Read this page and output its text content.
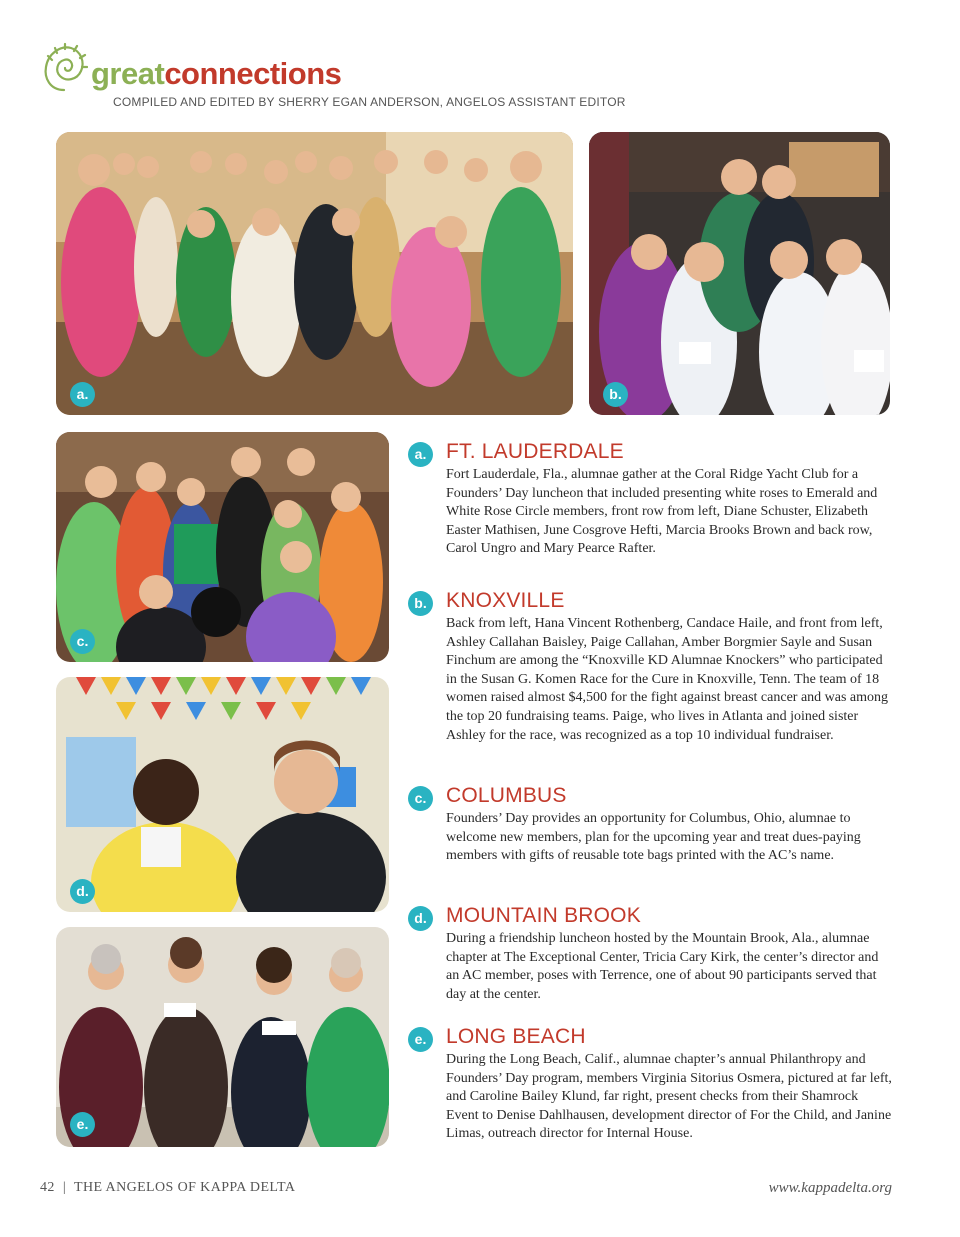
greatconnections
COMPILED AND EDITED BY SHERRY EGAN ANDERSON, ANGELOS ASSISTANT EDITOR
a.	b.
c.
d.
e.
a. FT. LAUDERDALE

Fort Lauderdale, Fla., alumnae gather at the Coral Ridge Yacht Club for a Founders’ Day luncheon that included presenting white roses to Emerald and White Rose Circle members, front row from left, Diane Schuster, Elizabeth Easter Mathisen, June Cosgrove Hefti, Marcia Brooks Brown and back row, Carol Ungro and Mary Pearce Rafter.

b. KNOXVILLE

Back from left, Hana Vincent Rothenberg, Candace Haile, and front from left, Ashley Callahan Baisley, Paige Callahan, Amber Borgmier Sayle and Susan Finchum are among the “Knoxville KD Alumnae Knockers” who participated in the Susan G. Komen Race for the Cure in Knoxville, Tenn. The team of 18 women raised almost $4,500 for the fight against breast cancer and was among the top 20 fundraising teams. Paige, who lives in Atlanta and joined sister Ashley for the race, was recognized as a top 10 individual fundraiser.

c. COLUMBUS

Founders’ Day provides an opportunity for Columbus, Ohio, alumnae to welcome new members, plan for the upcoming year and treat dues-paying members with gifts of reusable tote bags printed with the AC’s name.

d. MOUNTAIN BROOK

During a friendship luncheon hosted by the Mountain Brook, Ala., alumnae chapter at The Exceptional Center, Tricia Cary Kirk, the center’s director and an AC member, poses with Terrence, one of about 90 participants served that day at the center.

e. LONG BEACH

During the Long Beach, Calif., alumnae chapter’s annual Philanthropy and Founders’ Day program, members Virginia Sitorius Osmera, pictured at far left, and Caroline Bailey Klund, far right, present checks from their Shamrock Event to Denise Dahlhausen, development director of For the Child, and Janine Limas, outreach director for Internal House.

42 | THE ANGELOS OF KAPPA DELTA	www.kappadelta.org
